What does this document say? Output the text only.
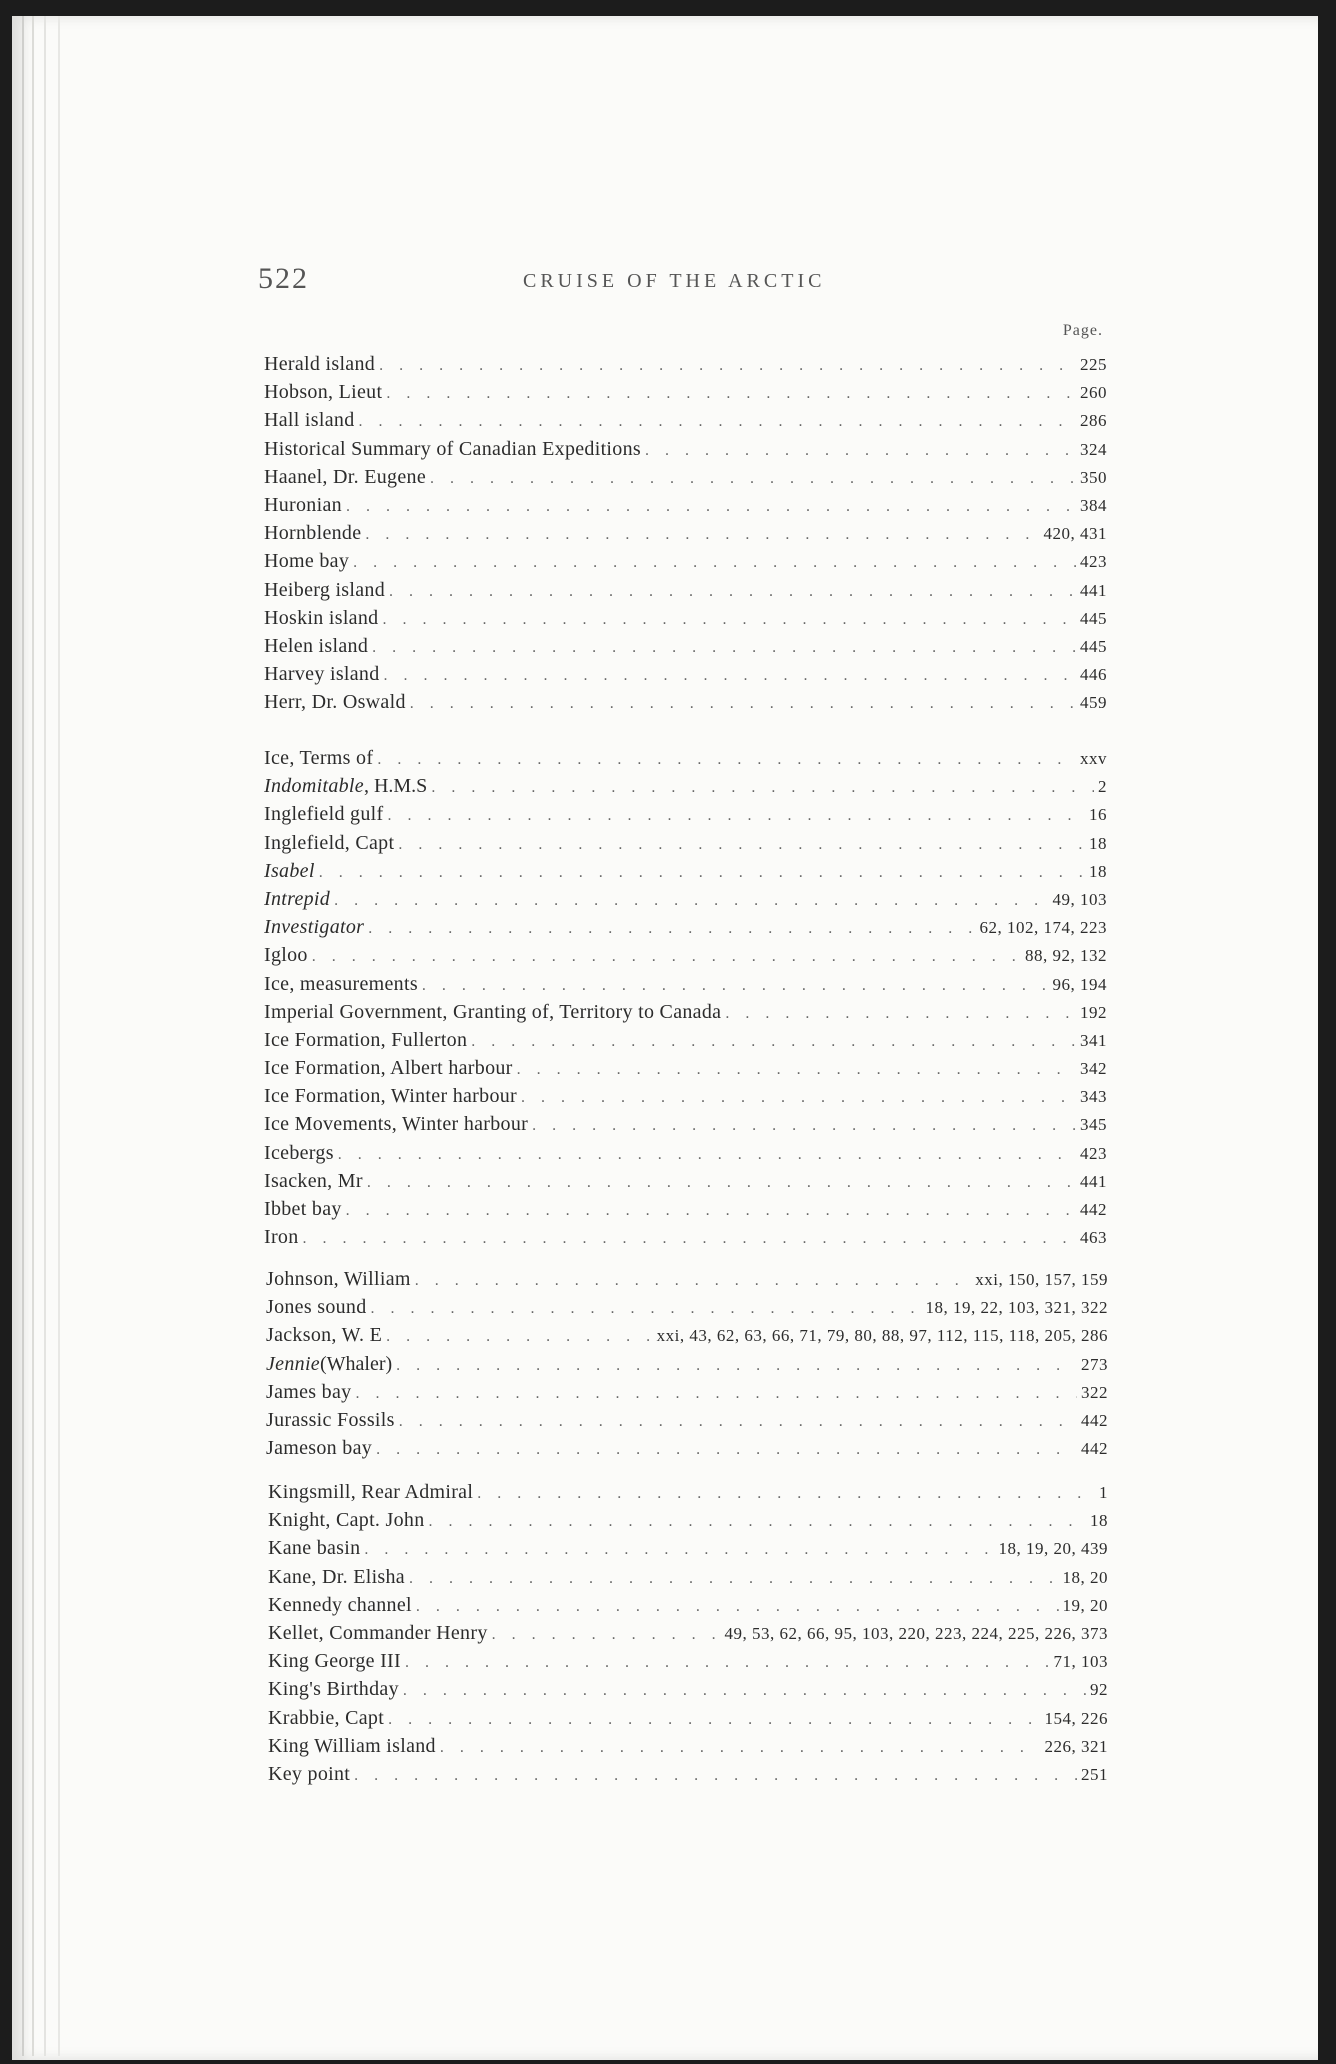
522	CRUISE OF THE ARCTIC
Page.
Herald island . . .	225
Hobson, Lieut . . .	260
Hall island . . .	286
Historical Summary of Canadian Expeditions . . .	324
Haanel, Dr. Eugene . . .	350
Huronian . . .	384
Hornblende . . .	420, 431
Home bay . . .	423
Heiberg island . . .	441
Hoskin island . . .	445
Helen island . . .	445
Harvey island . . .	446
Herr, Dr. Oswald . . .	459
Ice, Terms of . . .	xxv
Indomitable , H.M.S . . .	2
Inglefield gulf . . .	16
Inglefield, Capt . . .	18
Isabel . . .	18
Intrepid . . .	49, 103
Investigator . . .	62, 102, 174, 223
Igloo . . .	88, 92, 132
Ice, measurements . . .	96, 194
Imperial Government, Granting of, Territory to Canada . . .	192
Ice Formation, Fullerton . . .	341
Ice Formation, Albert harbour . . .	342
Ice Formation, Winter harbour . . .	343
Ice Movements, Winter harbour . . .	345
Icebergs . . .	423
Isacken, Mr . . .	441
Ibbet bay . . .	442
Iron . . .	463
Johnson, William . . .	xxi, 150, 157, 159
Jones sound . . .	18, 19, 22, 103, 321, 322
Jackson, W. E . . .	xxi, 43, 62, 63, 66, 71, 79, 80, 88, 97, 112, 115, 118, 205, 286
Jennie (Whaler) . . .	273
James bay . . .	322
Jurassic Fossils . . .	442
Jameson bay . . .	442
Kingsmill, Rear Admiral . . .	1
Knight, Capt. John . . .	18
Kane basin . . .	18, 19, 20, 439
Kane, Dr. Elisha . . .	18, 20
Kennedy channel . . .	19, 20
Kellet, Commander Henry . . .	49, 53, 62, 66, 95, 103, 220, 223, 224, 225, 226, 373
King George III . . .	71, 103
King's Birthday . . .	92
Krabbie, Capt . . .	154, 226
King William island . . .	226, 321
Key point . . .	251
